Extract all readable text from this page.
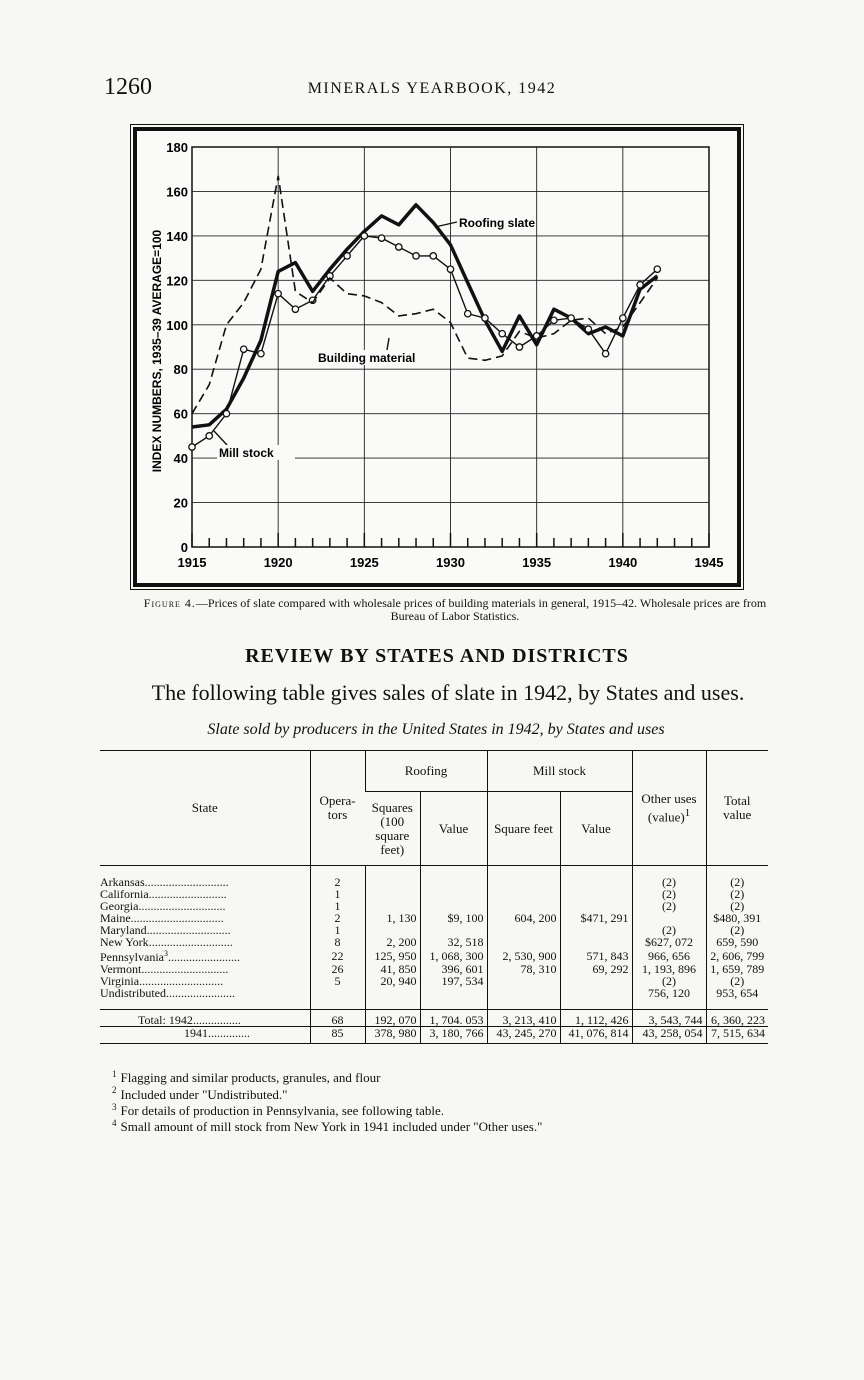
1260	MINERALS YEARBOOK, 1942
0
20
40
60
80
100
120
140
160
180
1915	1920	1925	1930	1935	1940	1945
INDEX NUMBERS, 1935–39 AVERAGE=100
Roofing slate
Building material
Mill stock
Figure 4.—Prices of slate compared with wholesale prices of building materials in general, 1915–42. Wholesale prices are from Bureau of Labor Statistics.
REVIEW BY STATES AND DISTRICTS
The following table gives sales of slate in 1942, by States and uses.
Slate sold by producers in the United States in 1942, by States and uses
State	Opera-tors	Roofing		Mill stock		Other uses (value)$^1$	Total value
		Squares (100 square feet)	Value	Square feet	Value		
Arkansas............................	2					(2)	(2)
California..........................	1					(2)	(2)
Georgia.............................	1					(2)	(2)
Maine...............................	2	1, 130	$9, 100	604, 200	$471, 291		$480, 391
Maryland............................	1					(2)	(2)
New York............................	8	2, 200	32, 518			$627, 072	659, 590
Pennsylvania$^3$........................	22	125, 950	1, 068, 300	2, 530, 900	571, 843	966, 656	2, 606, 799
Vermont.............................	26	41, 850	396, 601	78, 310	69, 292	1, 193, 896	1, 659, 789
Virginia............................	5	20, 940	197, 534			(2)	(2)
Undistributed.......................						756, 120	953, 654
Total: 1942................	68	192, 070	1, 704. 053	3, 213, 410	1, 112, 426	3, 543, 744	6, 360, 223
1941..............	85	378, 980	3, 180, 766	43, 245, 270	41, 076, 814	43, 258, 054	7, 515, 634
$^1$ Flagging and similar products, granules, and flour
$^2$ Included under "Undistributed."
$^3$ For details of production in Pennsylvania, see following table.
$^4$ Small amount of mill stock from New York in 1941 included under "Other uses."
